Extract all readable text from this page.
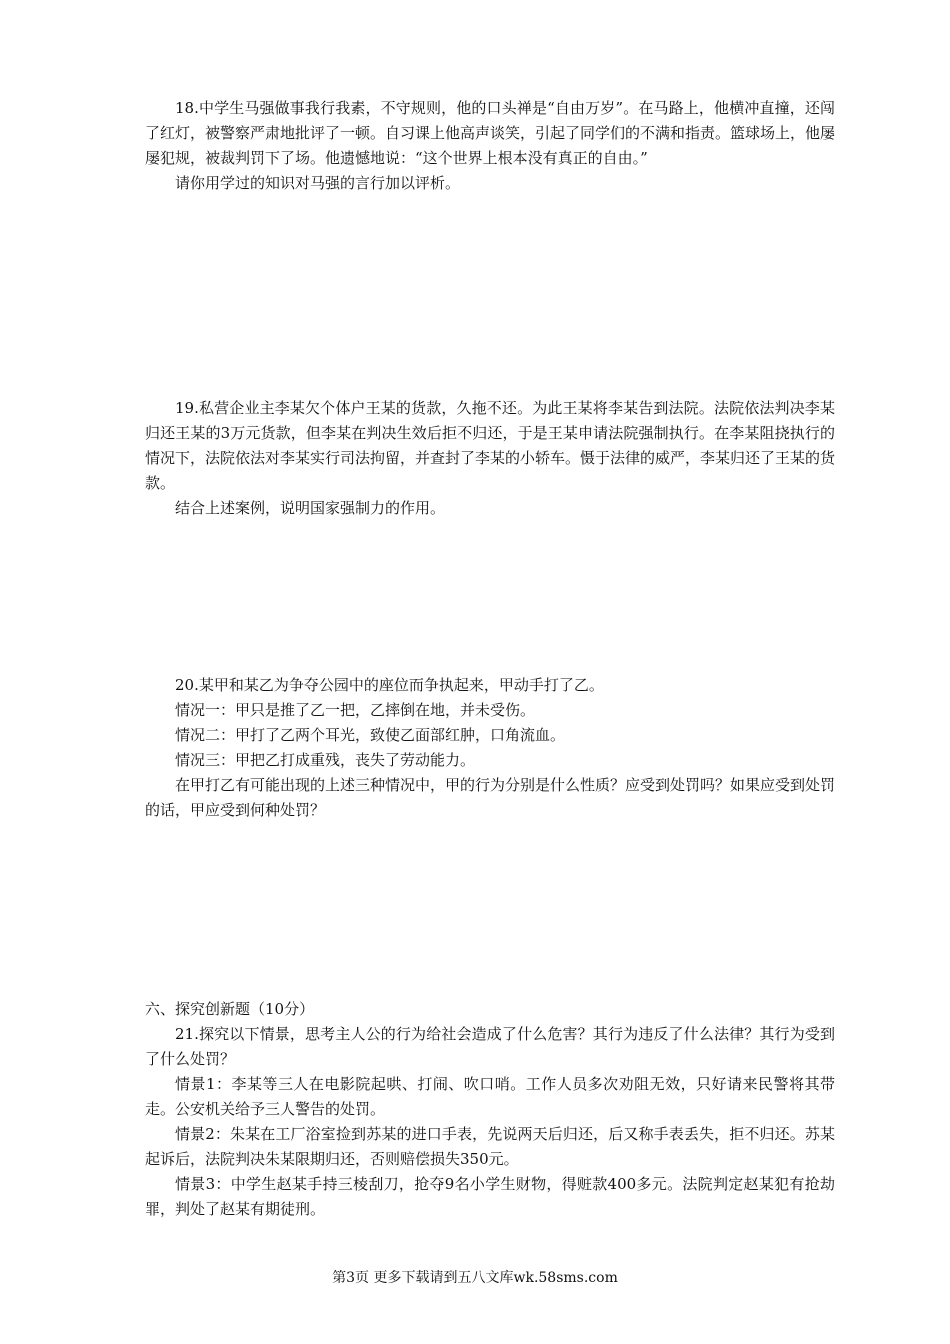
18.中学生马强做事我行我素，不守规则，他的口头禅是“自由万岁”。在马路上，他横冲直撞，还闯了红灯，被警察严肃地批评了一顿。自习课上他高声谈笑，引起了同学们的不满和指责。篮球场上，他屡屡犯规，被裁判罚下了场。他遗憾地说：“这个世界上根本没有真正的自由。”

请你用学过的知识对马强的言行加以评析。

19.私营企业主李某欠个体户王某的货款，久拖不还。为此王某将李某告到法院。法院依法判决李某归还王某的3万元货款，但李某在判决生效后拒不归还，于是王某申请法院强制执行。在李某阻挠执行的情况下，法院依法对李某实行司法拘留，并查封了李某的小轿车。慑于法律的威严，李某归还了王某的货款。

结合上述案例，说明国家强制力的作用。

20.某甲和某乙为争夺公园中的座位而争执起来，甲动手打了乙。

情况一：甲只是推了乙一把，乙摔倒在地，并未受伤。

情况二：甲打了乙两个耳光，致使乙面部红肿，口角流血。

情况三：甲把乙打成重残，丧失了劳动能力。

在甲打乙有可能出现的上述三种情况中，甲的行为分别是什么性质？应受到处罚吗？如果应受到处罚的话，甲应受到何种处罚？

六、探究创新题（10分）

21.探究以下情景，思考主人公的行为给社会造成了什么危害？其行为违反了什么法律？其行为受到了什么处罚？

情景1：李某等三人在电影院起哄、打闹、吹口哨。工作人员多次劝阻无效，只好请来民警将其带走。公安机关给予三人警告的处罚。

情景2：朱某在工厂浴室捡到苏某的进口手表，先说两天后归还，后又称手表丢失，拒不归还。苏某起诉后，法院判决朱某限期归还，否则赔偿损失350元。

情景3：中学生赵某手持三棱刮刀，抢夺9名小学生财物，得赃款400多元。法院判定赵某犯有抢劫罪，判处了赵某有期徒刑。

第3页 更多下载请到五八文库wk.58sms.com
